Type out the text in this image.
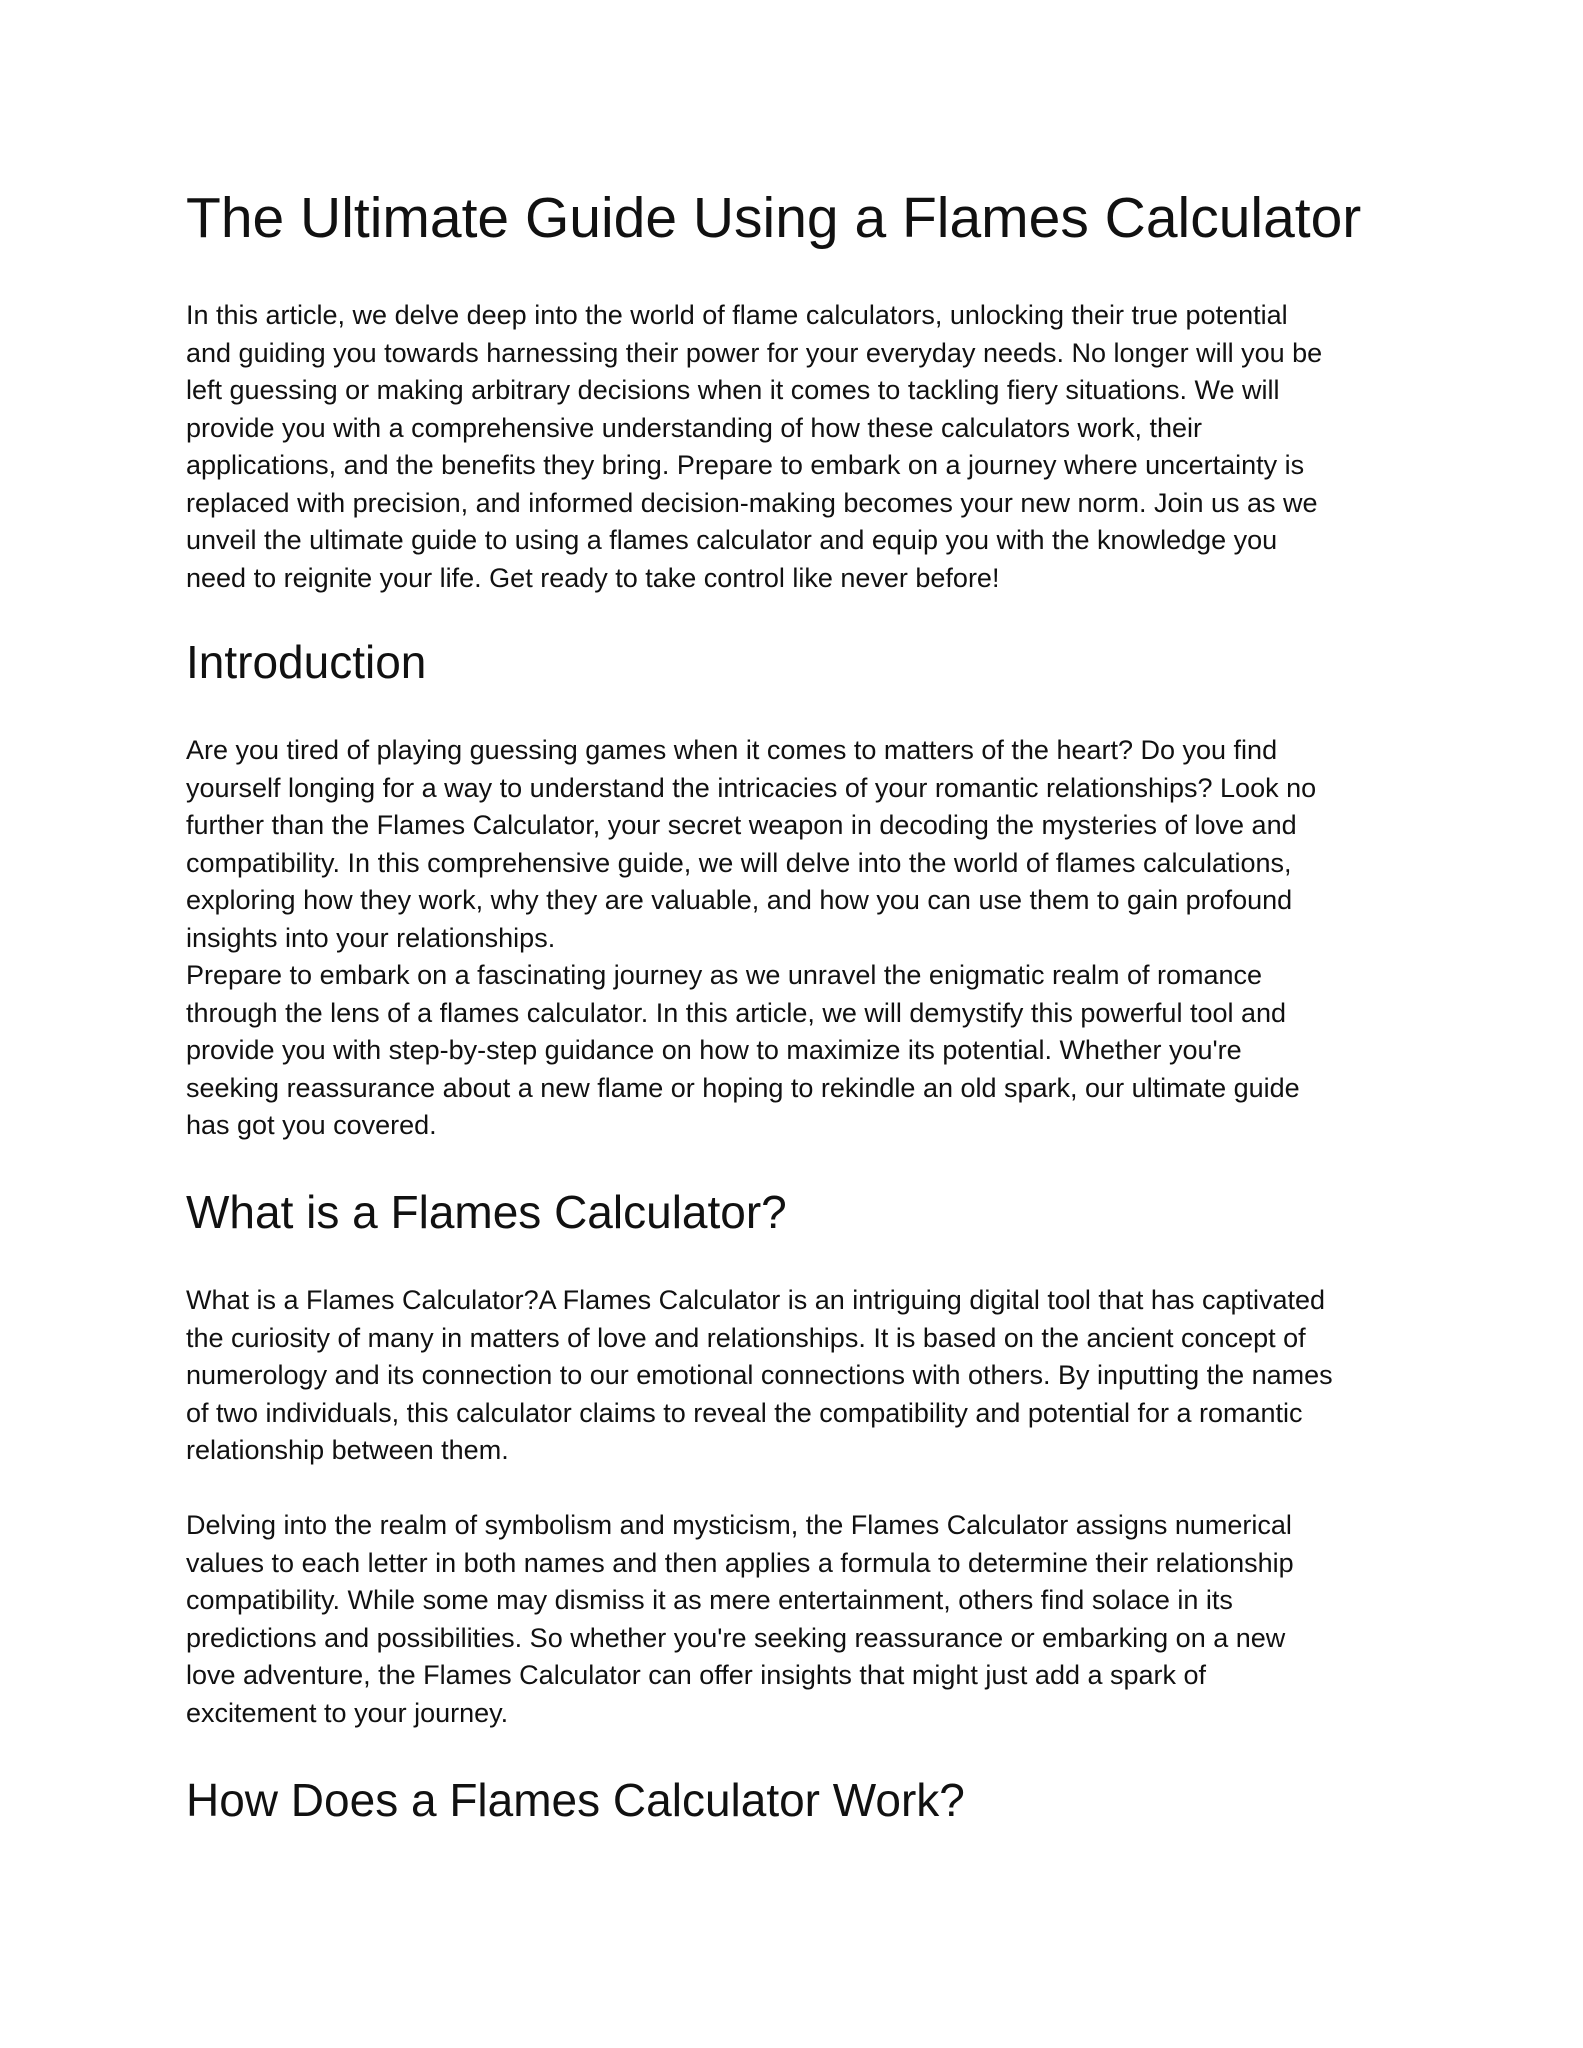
The Ultimate Guide Using a Flames Calculator

In this article, we delve deep into the world of flame calculators, unlocking their true potential
and guiding you towards harnessing their power for your everyday needs. No longer will you be
left guessing or making arbitrary decisions when it comes to tackling fiery situations. We will
provide you with a comprehensive understanding of how these calculators work, their
applications, and the benefits they bring. Prepare to embark on a journey where uncertainty is
replaced with precision, and informed decision-making becomes your new norm. Join us as we
unveil the ultimate guide to using a flames calculator and equip you with the knowledge you
need to reignite your life. Get ready to take control like never before!

Introduction

Are you tired of playing guessing games when it comes to matters of the heart? Do you find
yourself longing for a way to understand the intricacies of your romantic relationships? Look no
further than the Flames Calculator, your secret weapon in decoding the mysteries of love and
compatibility. In this comprehensive guide, we will delve into the world of flames calculations,
exploring how they work, why they are valuable, and how you can use them to gain profound
insights into your relationships.
Prepare to embark on a fascinating journey as we unravel the enigmatic realm of romance
through the lens of a flames calculator. In this article, we will demystify this powerful tool and
provide you with step-by-step guidance on how to maximize its potential. Whether you're
seeking reassurance about a new flame or hoping to rekindle an old spark, our ultimate guide
has got you covered.

What is a Flames Calculator?

What is a Flames Calculator?A Flames Calculator is an intriguing digital tool that has captivated
the curiosity of many in matters of love and relationships. It is based on the ancient concept of
numerology and its connection to our emotional connections with others. By inputting the names
of two individuals, this calculator claims to reveal the compatibility and potential for a romantic
relationship between them.

Delving into the realm of symbolism and mysticism, the Flames Calculator assigns numerical
values to each letter in both names and then applies a formula to determine their relationship
compatibility. While some may dismiss it as mere entertainment, others find solace in its
predictions and possibilities. So whether you're seeking reassurance or embarking on a new
love adventure, the Flames Calculator can offer insights that might just add a spark of
excitement to your journey.

How Does a Flames Calculator Work?
